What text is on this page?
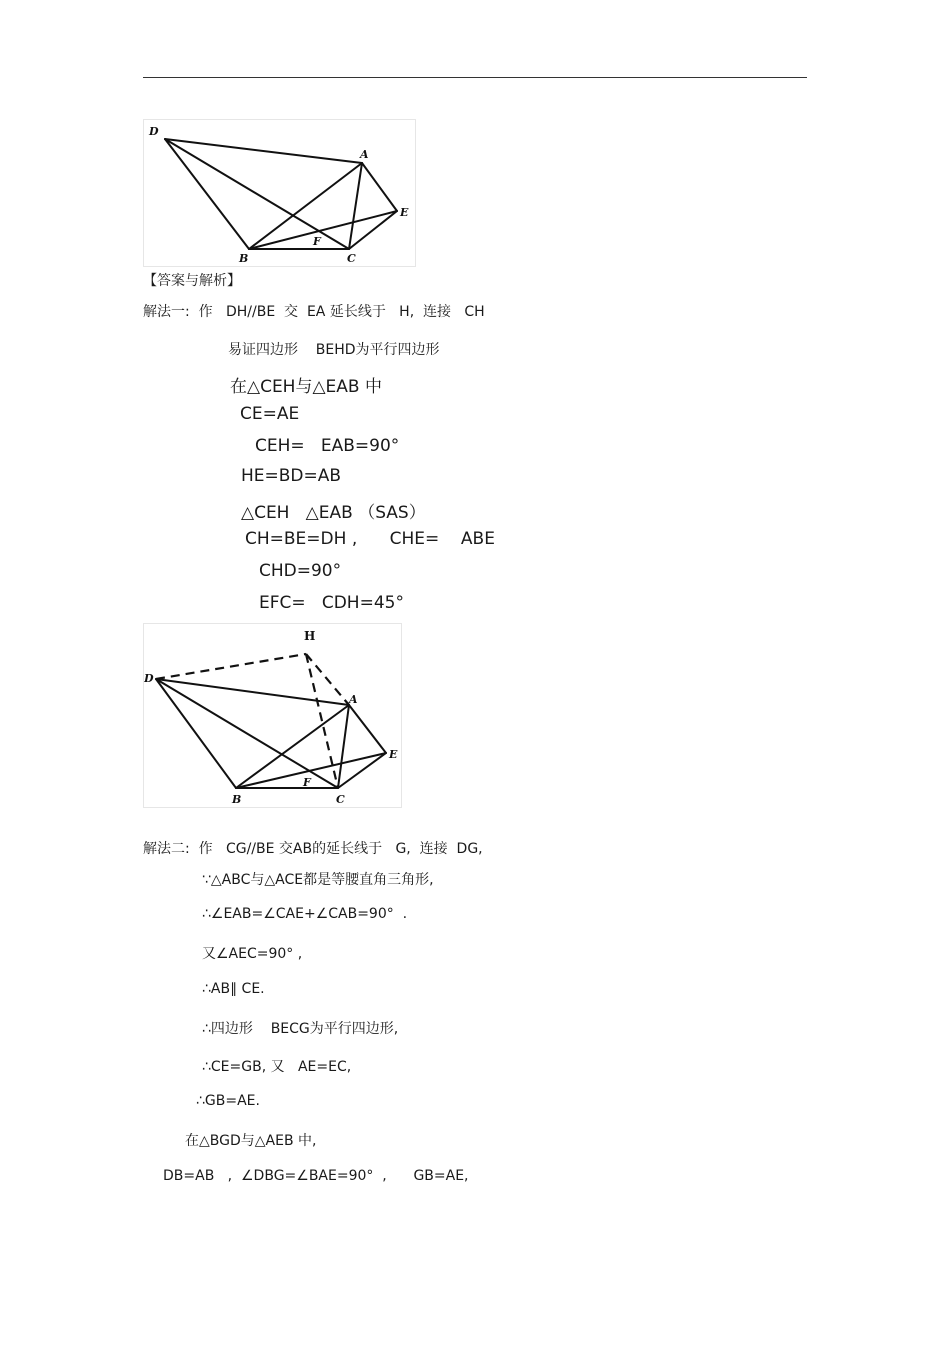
D
A
E
B
F
C
【答案与解析】
解法一:  作   DH//BE  交  EA 延长线于   H,  连接   CH
易证四边形    BEHD为平行四边形
在△CEH与△EAB 中
CE=AE
CEH=   EAB=90°
HE=BD=AB
△CEH   △EAB （SAS）
CH=BE=DH ,      CHE=    ABE
CHD=90°
EFC=   CDH=45°
H
D
A
E
B
F
C
解法二:  作   CG//BE 交AB的延长线于   G,  连接  DG,
∵△ABC与△ACE都是等腰直角三角形,
∴∠EAB=∠CAE+∠CAB=90°  .
又∠AEC=90° ,
∴AB∥ CE.
∴四边形    BECG为平行四边形,
∴CE=GB, 又   AE=EC,
∴GB=AE.
在△BGD与△AEB 中,
DB=AB   ,  ∠DBG=∠BAE=90°  ,      GB=AE,
